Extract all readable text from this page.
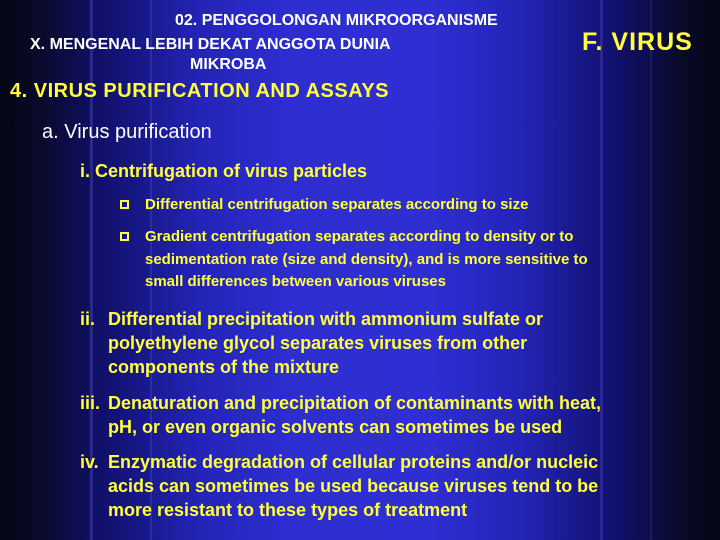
02. PENGGOLONGAN MIKROORGANISME
X. MENGENAL LEBIH DEKAT ANGGOTA DUNIA
MIKROBA
F. VIRUS
4. VIRUS PURIFICATION AND ASSAYS
a. Virus purification
i. Centrifugation of virus particles
Differential centrifugation separates according to size
Gradient centrifugation separates according to density or to
sedimentation rate (size and density), and is more sensitive to
small differences between various viruses
ii. Differential precipitation with ammonium sulfate or
polyethylene glycol separates viruses from other
components of the mixture
iii. Denaturation and precipitation of contaminants with heat,
pH, or even organic solvents can sometimes be used
iv. Enzymatic degradation of cellular proteins and/or nucleic
acids can sometimes be used because viruses tend to be
more resistant to these types of treatment
